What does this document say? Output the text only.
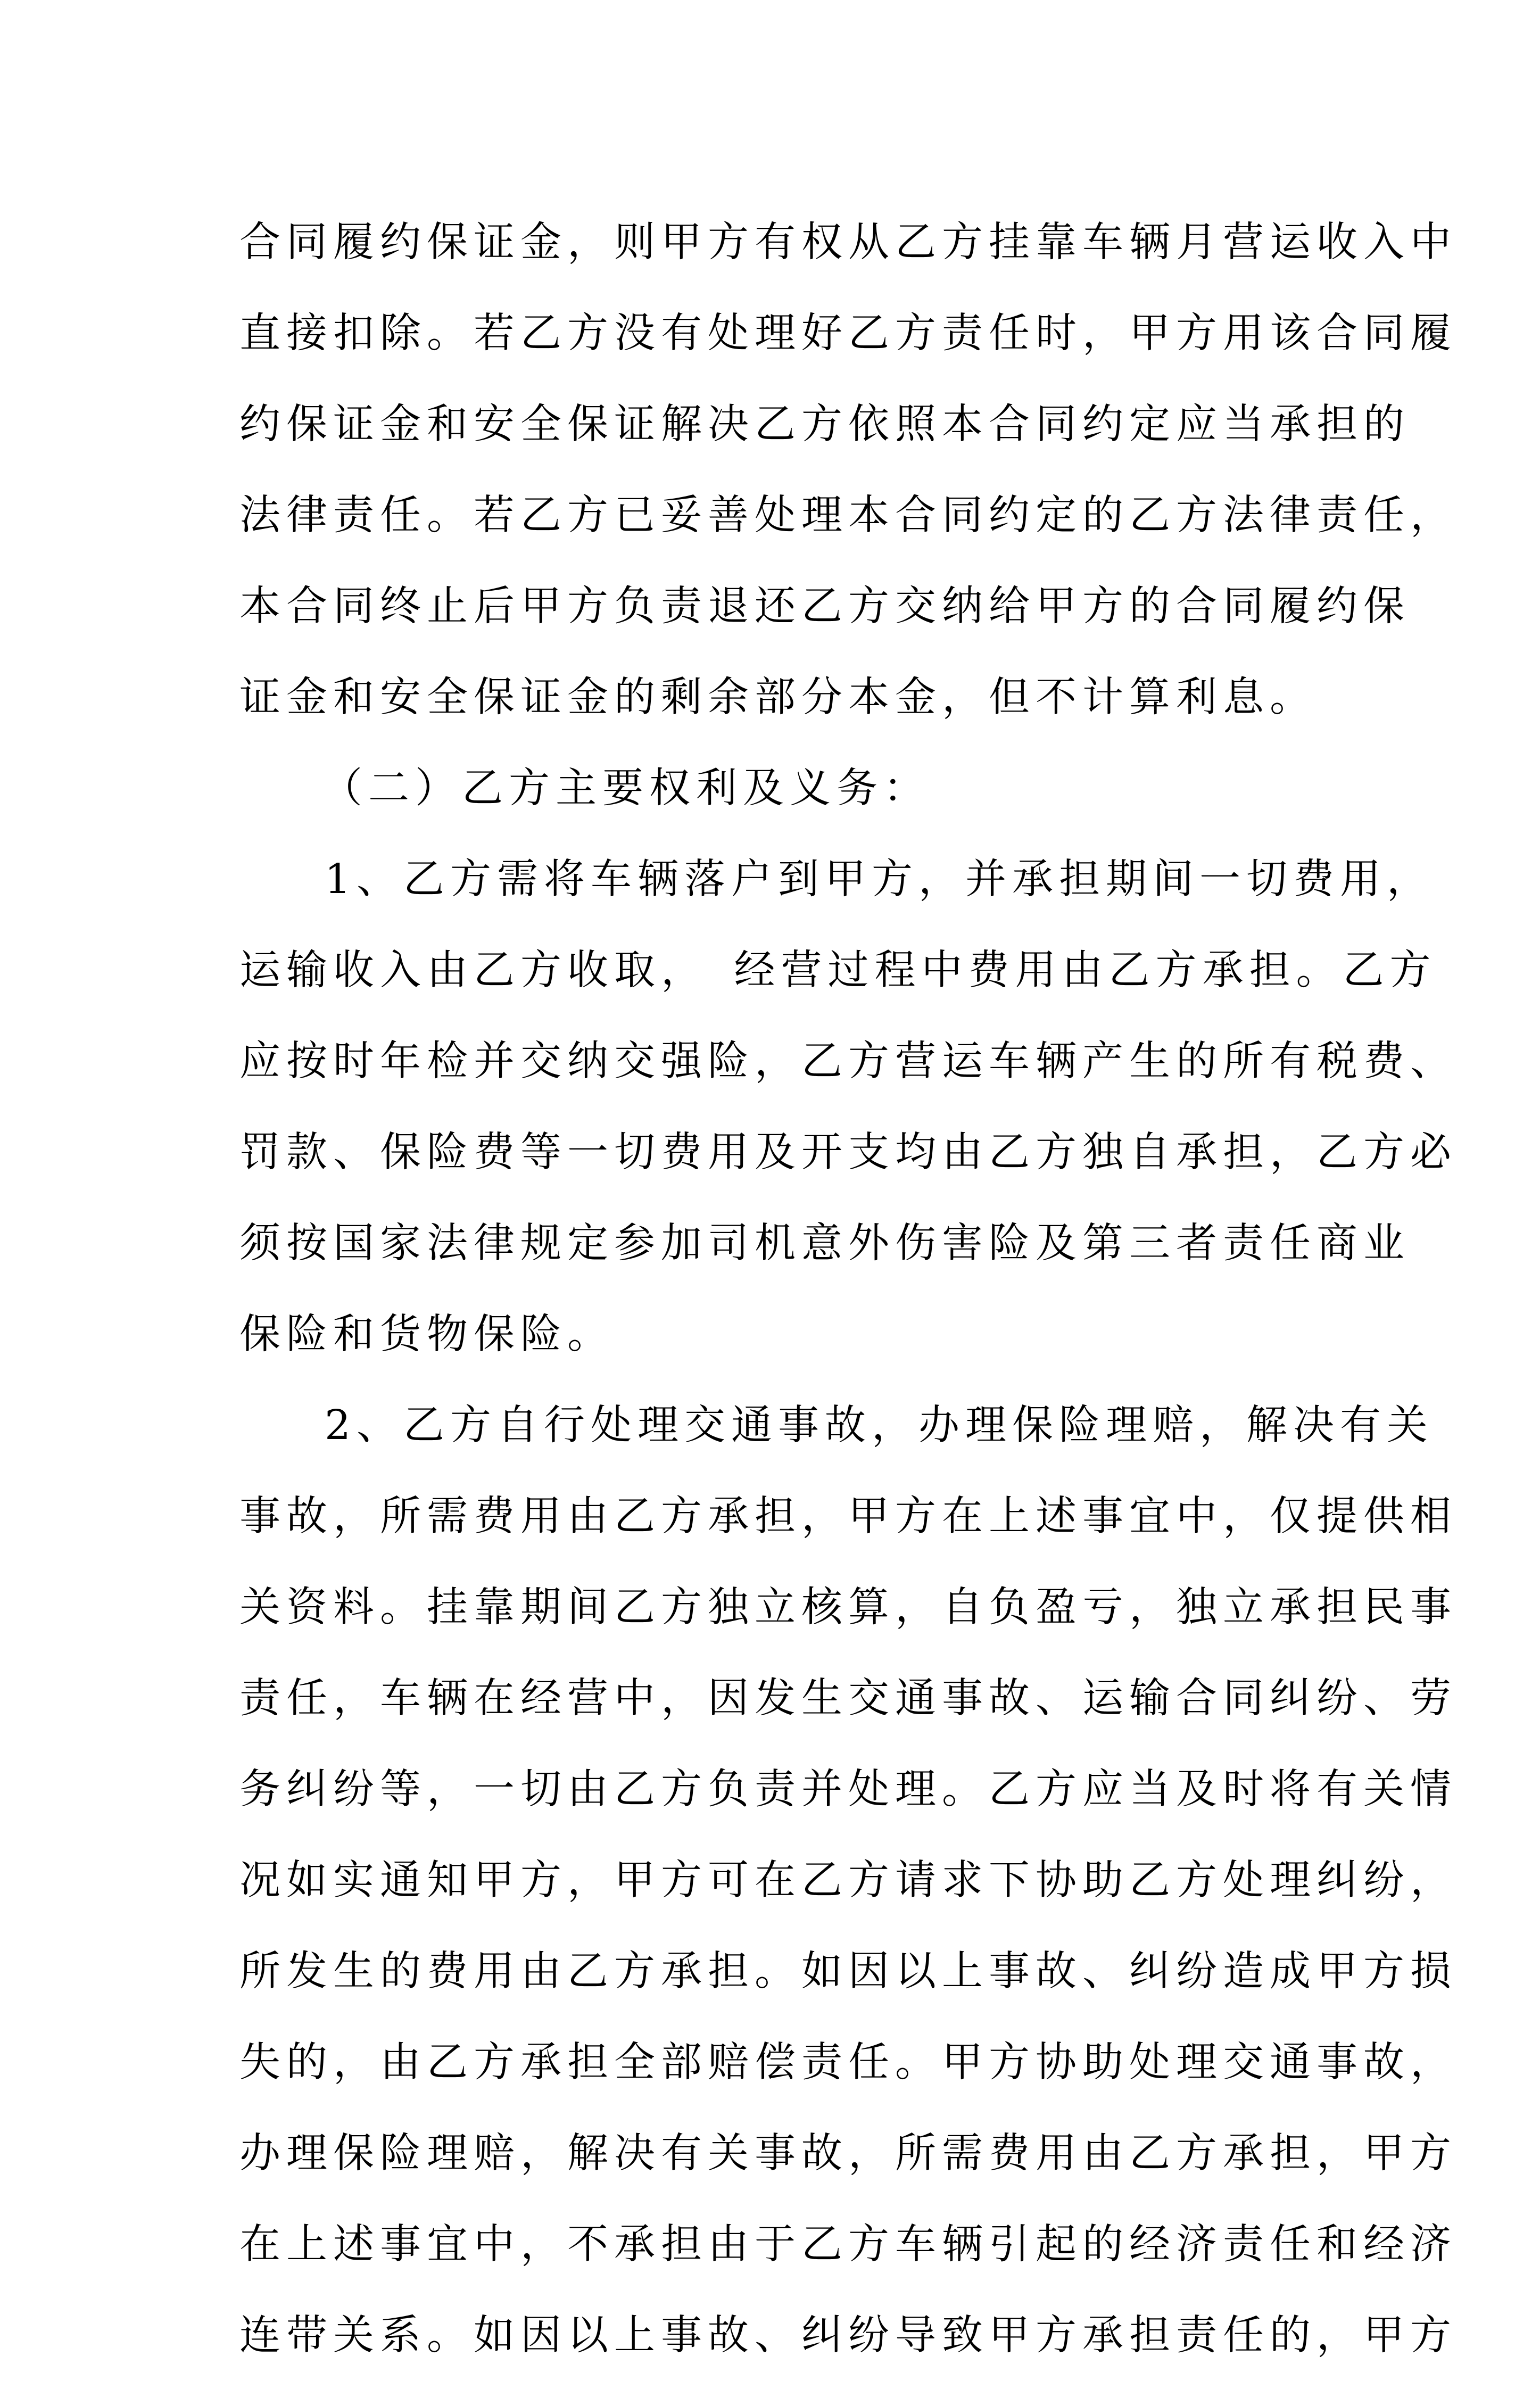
合同履约保证金，则甲方有权从乙方挂靠车辆月营运收入中
直接扣除。若乙方没有处理好乙方责任时，甲方用该合同履
约保证金和安全保证解决乙方依照本合同约定应当承担的
法律责任。若乙方已妥善处理本合同约定的乙方法律责任，
本合同终止后甲方负责退还乙方交纳给甲方的合同履约保
证金和安全保证金的剩余部分本金，但不计算利息。
（二）乙方主要权利及义务：
1、乙方需将车辆落户到甲方，并承担期间一切费用，
运输收入由乙方收取，　经营过程中费用由乙方承担。乙方
应按时年检并交纳交强险，乙方营运车辆产生的所有税费、
罚款、保险费等一切费用及开支均由乙方独自承担，乙方必
须按国家法律规定参加司机意外伤害险及第三者责任商业
保险和货物保险。
2、乙方自行处理交通事故，办理保险理赔，解决有关
事故，所需费用由乙方承担，甲方在上述事宜中，仅提供相
关资料。挂靠期间乙方独立核算，自负盈亏，独立承担民事
责任，车辆在经营中，因发生交通事故、运输合同纠纷、劳
务纠纷等，一切由乙方负责并处理。乙方应当及时将有关情
况如实通知甲方，甲方可在乙方请求下协助乙方处理纠纷，
所发生的费用由乙方承担。如因以上事故、纠纷造成甲方损
失的，由乙方承担全部赔偿责任。甲方协助处理交通事故，
办理保险理赔，解决有关事故，所需费用由乙方承担，甲方
在上述事宜中，不承担由于乙方车辆引起的经济责任和经济
连带关系。如因以上事故、纠纷导致甲方承担责任的，甲方
